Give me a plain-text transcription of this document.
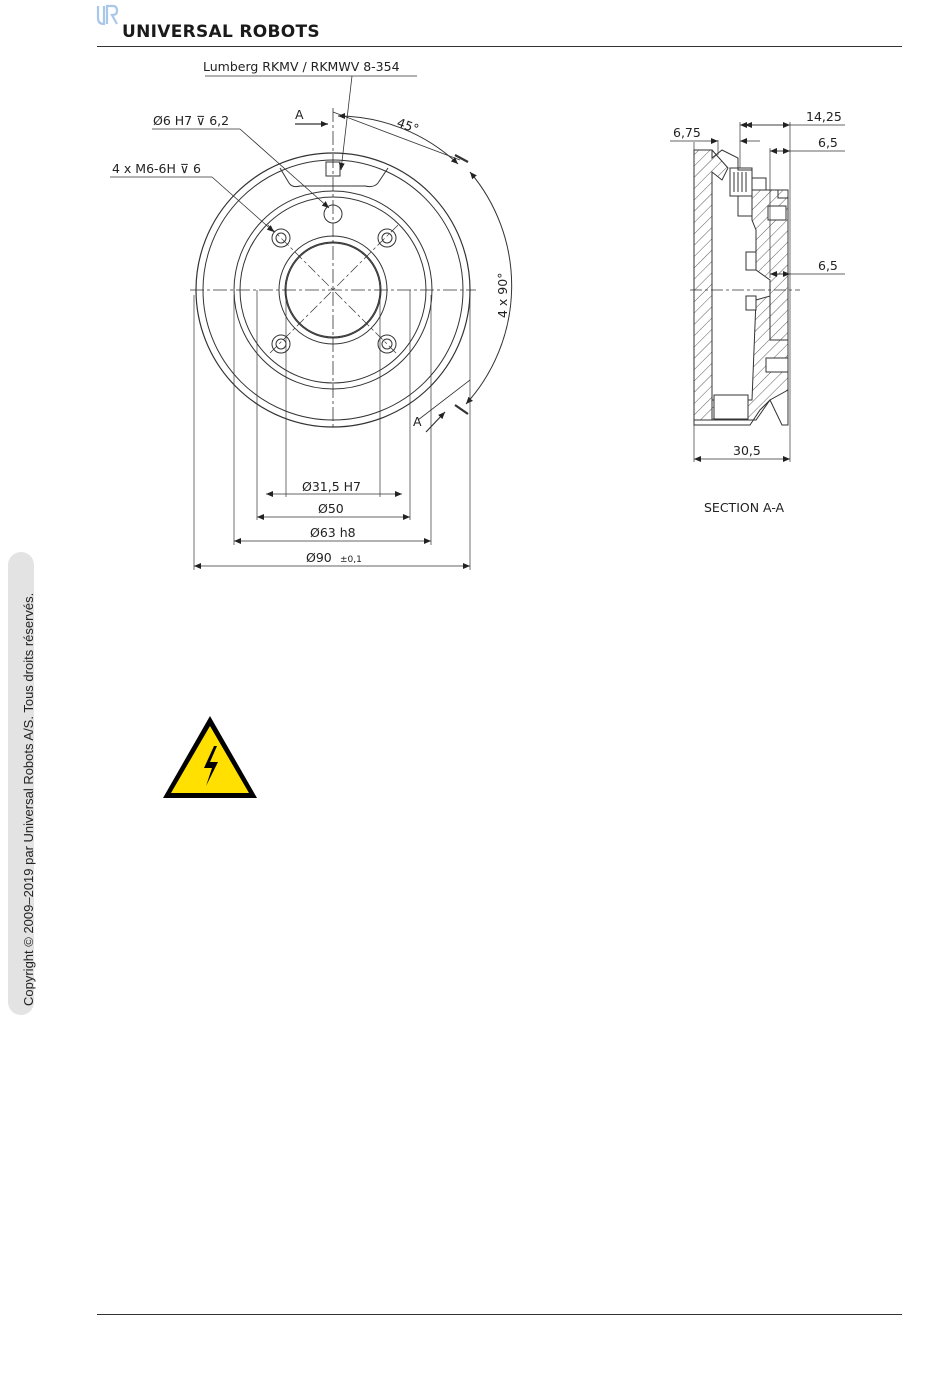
UNIVERSAL ROBOTS
Lumberg RKMV / RKMWV 8-354
Ø6 H7 ⊽ 6,2
4 x M6-6H ⊽ 6
A
A
45°
4 x 90°
Ø31,5 H7
Ø50
Ø63 h8
Ø90 ±0,1
14,25
6,75
6,5
6,5
30,5
SECTION A-A
Copyright © 2009–2019 par Universal Robots A/S. Tous droits réservés.
